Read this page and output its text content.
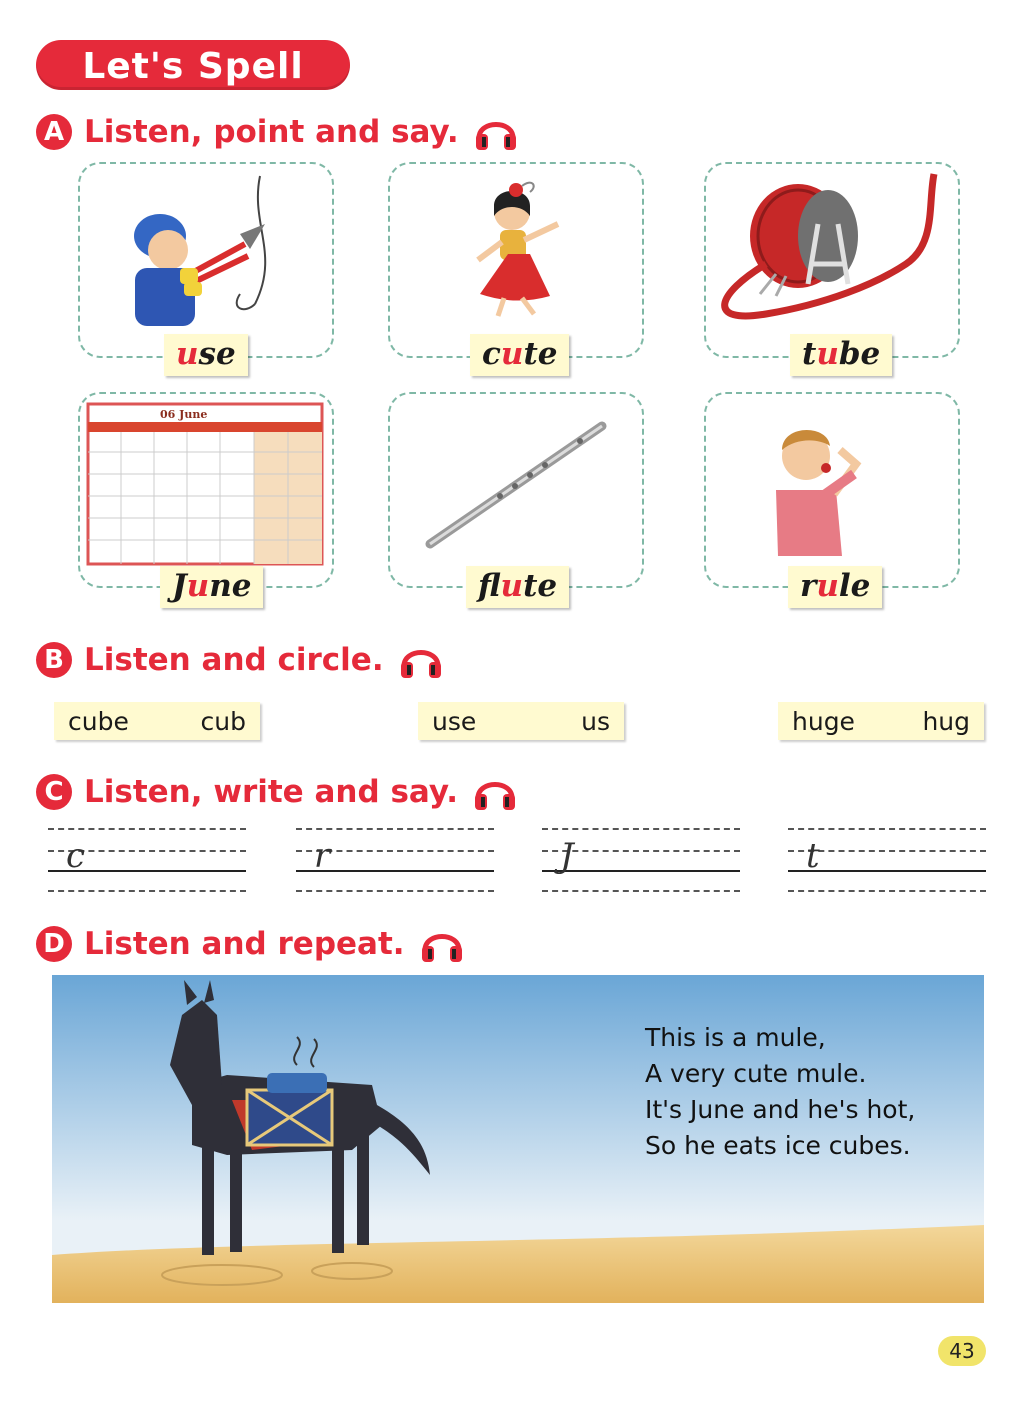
Let's Spell
A Listen, point and say.
use	cute	tube
2013	06 June
June	flute	rule
B Listen and circle.
cube	cub	use	us	huge	hug
C Listen, write and say.
c	r	J	t
D Listen and repeat.
This is a mule,
A very cute mule.
It's June and he's hot,
So he eats ice cubes.
43
